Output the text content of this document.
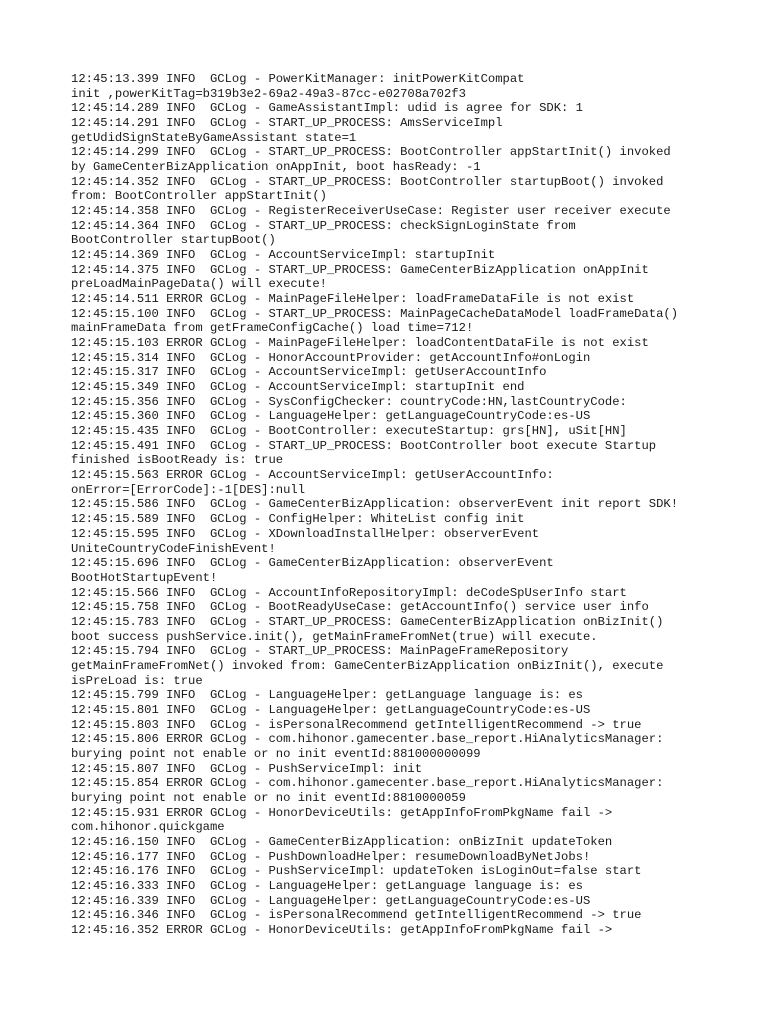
12:45:13.399 INFO  GCLog - PowerKitManager: initPowerKitCompat
init ,powerKitTag=b319b3e2-69a2-49a3-87cc-e02708a702f3
12:45:14.289 INFO  GCLog - GameAssistantImpl: udid is agree for SDK: 1
12:45:14.291 INFO  GCLog - START_UP_PROCESS: AmsServiceImpl
getUdidSignStateByGameAssistant state=1
12:45:14.299 INFO  GCLog - START_UP_PROCESS: BootController appStartInit() invoked
by GameCenterBizApplication onAppInit, boot hasReady: -1
12:45:14.352 INFO  GCLog - START_UP_PROCESS: BootController startupBoot() invoked
from: BootController appStartInit()
12:45:14.358 INFO  GCLog - RegisterReceiverUseCase: Register user receiver execute
12:45:14.364 INFO  GCLog - START_UP_PROCESS: checkSignLoginState from
BootController startupBoot()
12:45:14.369 INFO  GCLog - AccountServiceImpl: startupInit
12:45:14.375 INFO  GCLog - START_UP_PROCESS: GameCenterBizApplication onAppInit
preLoadMainPageData() will execute!
12:45:14.511 ERROR GCLog - MainPageFileHelper: loadFrameDataFile is not exist
12:45:15.100 INFO  GCLog - START_UP_PROCESS: MainPageCacheDataModel loadFrameData()
mainFrameData from getFrameConfigCache() load time=712!
12:45:15.103 ERROR GCLog - MainPageFileHelper: loadContentDataFile is not exist
12:45:15.314 INFO  GCLog - HonorAccountProvider: getAccountInfo#onLogin
12:45:15.317 INFO  GCLog - AccountServiceImpl: getUserAccountInfo
12:45:15.349 INFO  GCLog - AccountServiceImpl: startupInit end
12:45:15.356 INFO  GCLog - SysConfigChecker: countryCode:HN,lastCountryCode:
12:45:15.360 INFO  GCLog - LanguageHelper: getLanguageCountryCode:es-US
12:45:15.435 INFO  GCLog - BootController: executeStartup: grs[HN], uSit[HN]
12:45:15.491 INFO  GCLog - START_UP_PROCESS: BootController boot execute Startup
finished isBootReady is: true
12:45:15.563 ERROR GCLog - AccountServiceImpl: getUserAccountInfo:
onError=[ErrorCode]:-1[DES]:null
12:45:15.586 INFO  GCLog - GameCenterBizApplication: observerEvent init report SDK!
12:45:15.589 INFO  GCLog - ConfigHelper: WhiteList config init
12:45:15.595 INFO  GCLog - XDownloadInstallHelper: observerEvent
UniteCountryCodeFinishEvent!
12:45:15.696 INFO  GCLog - GameCenterBizApplication: observerEvent
BootHotStartupEvent!
12:45:15.566 INFO  GCLog - AccountInfoRepositoryImpl: deCodeSpUserInfo start
12:45:15.758 INFO  GCLog - BootReadyUseCase: getAccountInfo() service user info
12:45:15.783 INFO  GCLog - START_UP_PROCESS: GameCenterBizApplication onBizInit()
boot success pushService.init(), getMainFrameFromNet(true) will execute.
12:45:15.794 INFO  GCLog - START_UP_PROCESS: MainPageFrameRepository
getMainFrameFromNet() invoked from: GameCenterBizApplication onBizInit(), execute
isPreLoad is: true
12:45:15.799 INFO  GCLog - LanguageHelper: getLanguage language is: es
12:45:15.801 INFO  GCLog - LanguageHelper: getLanguageCountryCode:es-US
12:45:15.803 INFO  GCLog - isPersonalRecommend getIntelligentRecommend -> true
12:45:15.806 ERROR GCLog - com.hihonor.gamecenter.base_report.HiAnalyticsManager:
burying point not enable or no init eventId:881000000099
12:45:15.807 INFO  GCLog - PushServiceImpl: init
12:45:15.854 ERROR GCLog - com.hihonor.gamecenter.base_report.HiAnalyticsManager:
burying point not enable or no init eventId:8810000059
12:45:15.931 ERROR GCLog - HonorDeviceUtils: getAppInfoFromPkgName fail ->
com.hihonor.quickgame
12:45:16.150 INFO  GCLog - GameCenterBizApplication: onBizInit updateToken
12:45:16.177 INFO  GCLog - PushDownloadHelper: resumeDownloadByNetJobs!
12:45:16.176 INFO  GCLog - PushServiceImpl: updateToken isLoginOut=false start
12:45:16.333 INFO  GCLog - LanguageHelper: getLanguage language is: es
12:45:16.339 INFO  GCLog - LanguageHelper: getLanguageCountryCode:es-US
12:45:16.346 INFO  GCLog - isPersonalRecommend getIntelligentRecommend -> true
12:45:16.352 ERROR GCLog - HonorDeviceUtils: getAppInfoFromPkgName fail ->
